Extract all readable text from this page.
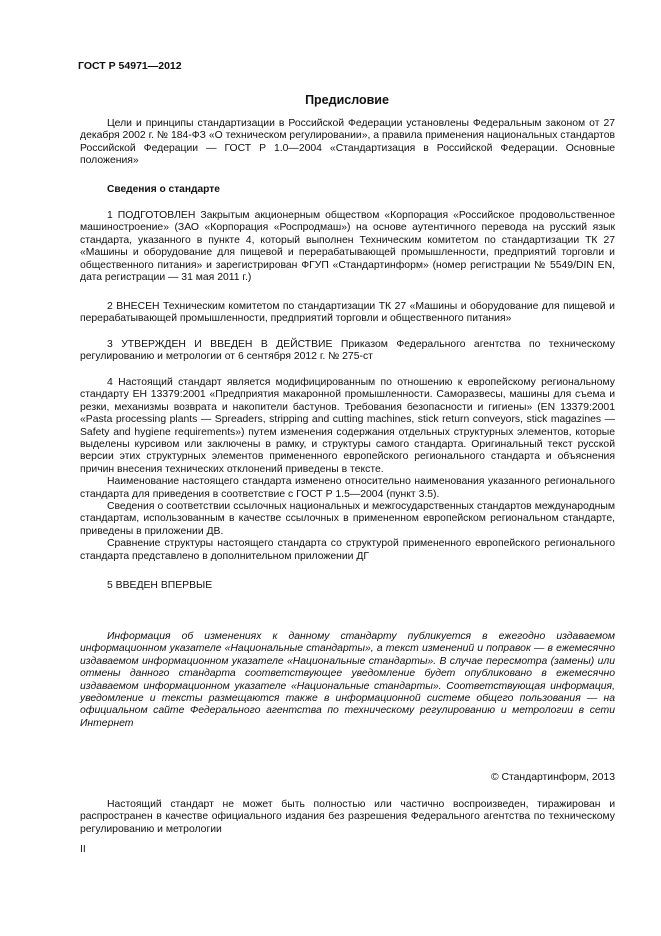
ГОСТ Р 54971—2012
Предисловие

Цели и принципы стандартизации в Российской Федерации установлены Федеральным законом от 27 декабря 2002 г. № 184-ФЗ «О техническом регулировании», а правила применения национальных стандартов Российской Федерации — ГОСТ Р 1.0—2004 «Стандартизация в Российской Федерации. Основные положения»

Сведения о стандарте

1 ПОДГОТОВЛЕН Закрытым акционерным обществом «Корпорация «Российское продовольственное машиностроение» (ЗАО «Корпорация «Роспродмаш») на основе аутентичного перевода на русский язык стандарта, указанного в пункте 4, который выполнен Техническим комитетом по стандартизации ТК 27 «Машины и оборудование для пищевой и перерабатывающей промышленности, предприятий торговли и общественного питания» и зарегистрирован ФГУП «Стандартинформ» (номер регистрации № 5549/DIN EN, дата регистрации — 31 мая 2011 г.)

2 ВНЕСЕН Техническим комитетом по стандартизации ТК 27 «Машины и оборудование для пищевой и перерабатывающей промышленности, предприятий торговли и общественного питания»

3 УТВЕРЖДЕН И ВВЕДЕН В ДЕЙСТВИЕ Приказом Федерального агентства по техническому регулированию и метрологии от 6 сентября 2012 г. № 275-ст

4 Настоящий стандарт является модифицированным по отношению к европейскому региональному стандарту ЕН 13379:2001 «Предприятия макаронной промышленности. Саморазвесы, машины для съема и резки, механизмы возврата и накопители бастунов. Требования безопасности и гигиены» (EN 13379:2001 «Pasta processing plants — Spreaders, stripping and cutting machines, stick return conveyors, stick magazines — Safety and hygiene requirements») путем изменения содержания отдельных структурных элементов, которые выделены курсивом или заключены в рамку, и структуры самого стандарта. Оригинальный текст русской версии этих структурных элементов примененного европейского регионального стандарта и объяснения причин внесения технических отклонений приведены в тексте.

Наименование настоящего стандарта изменено относительно наименования указанного регионального стандарта для приведения в соответствие с ГОСТ Р 1.5—2004 (пункт 3.5).

Сведения о соответствии ссылочных национальных и межгосударственных стандартов международным стандартам, использованным в качестве ссылочных в примененном европейском региональном стандарте, приведены в приложении ДВ.

Сравнение структуры настоящего стандарта со структурой примененного европейского регионального стандарта представлено в дополнительном приложении ДГ

5 ВВЕДЕН ВПЕРВЫЕ

Информация об изменениях к данному стандарту публикуется в ежегодно издаваемом информационном указателе «Национальные стандарты», а текст изменений и поправок — в ежемесячно издаваемом информационном указателе «Национальные стандарты». В случае пересмотра (замены) или отмены данного стандарта соответствующее уведомление будет опубликовано в ежемесячно издаваемом информационном указателе «Национальные стандарты». Соответствующая информация, уведомление и тексты размещаются также в информационной системе общего пользования — на официальном сайте Федерального агентства по техническому регулированию и метрологии в сети Интернет

© Стандартинформ, 2013

Настоящий стандарт не может быть полностью или частично воспроизведен, тиражирован и распространен в качестве официального издания без разрешения Федерального агентства по техническому регулированию и метрологии

II
